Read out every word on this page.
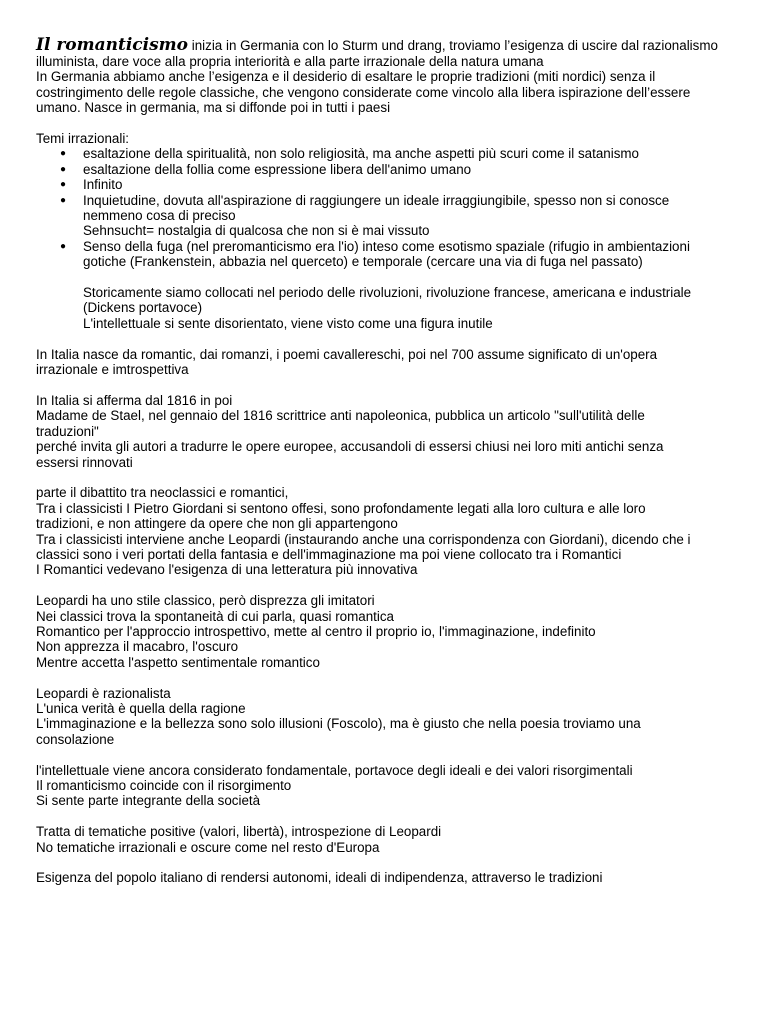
Il romanticismo inizia in Germania con lo Sturm und drang, troviamo l’esigenza di uscire dal razionalismo
illuminista, dare voce alla propria interiorità e alla parte irrazionale della natura umana
In Germania abbiamo anche l’esigenza e il desiderio di esaltare le proprie tradizioni (miti nordici) senza il
costringimento delle regole classiche, che vengono considerate come vincolo alla libera ispirazione dell’essere
umano. Nasce in germania, ma si diffonde poi in tutti i paesi
Temi irrazionali:
● esaltazione della spiritualità, non solo religiosità, ma anche aspetti più scuri come il satanismo
● esaltazione della follia come espressione libera dell'animo umano
● Infinito
● Inquietudine, dovuta all'aspirazione di raggiungere un ideale irraggiungibile, spesso non si conosce
nemmeno cosa di preciso
Sehnsucht= nostalgia di qualcosa che non si è mai vissuto
● Senso della fuga (nel preromanticismo era l'io) inteso come esotismo spaziale (rifugio in ambientazioni
gotiche (Frankenstein, abbazia nel querceto) e temporale (cercare una via di fuga nel passato)
Storicamente siamo collocati nel periodo delle rivoluzioni, rivoluzione francese, americana e industriale
(Dickens portavoce)
L'intellettuale si sente disorientato, viene visto come una figura inutile
In Italia nasce da romantic, dai romanzi, i poemi cavallereschi, poi nel 700 assume significato di un'opera
irrazionale e imtrospettiva
In Italia si afferma dal 1816 in poi
Madame de Stael, nel gennaio del 1816 scrittrice anti napoleonica, pubblica un articolo "sull'utilità delle
traduzioni"
perché invita gli autori a tradurre le opere europee, accusandoli di essersi chiusi nei loro miti antichi senza
essersi rinnovati
parte il dibattito tra neoclassici e romantici,
Tra i classicisti I Pietro Giordani si sentono offesi, sono profondamente legati alla loro cultura e alle loro
tradizioni, e non attingere da opere che non gli appartengono
Tra i classicisti interviene anche Leopardi (instaurando anche una corrispondenza con Giordani), dicendo che i
classici sono i veri portati della fantasia e dell'immaginazione ma poi viene collocato tra i Romantici
I Romantici vedevano l'esigenza di una letteratura più innovativa
Leopardi ha uno stile classico, però disprezza gli imitatori
Nei classici trova la spontaneità di cui parla, quasi romantica
Romantico per l'approccio introspettivo, mette al centro il proprio io, l'immaginazione, indefinito
Non apprezza il macabro, l'oscuro
Mentre accetta l'aspetto sentimentale romantico
Leopardi è razionalista
L'unica verità è quella della ragione
L'immaginazione e la bellezza sono solo illusioni (Foscolo), ma è giusto che nella poesia troviamo una
consolazione
l'intellettuale viene ancora considerato fondamentale, portavoce degli ideali e dei valori risorgimentali
Il romanticismo coincide con il risorgimento
Si sente parte integrante della società
Tratta di tematiche positive (valori, libertà), introspezione di Leopardi
No tematiche irrazionali e oscure come nel resto d'Europa
Esigenza del popolo italiano di rendersi autonomi, ideali di indipendenza, attraverso le tradizioni
